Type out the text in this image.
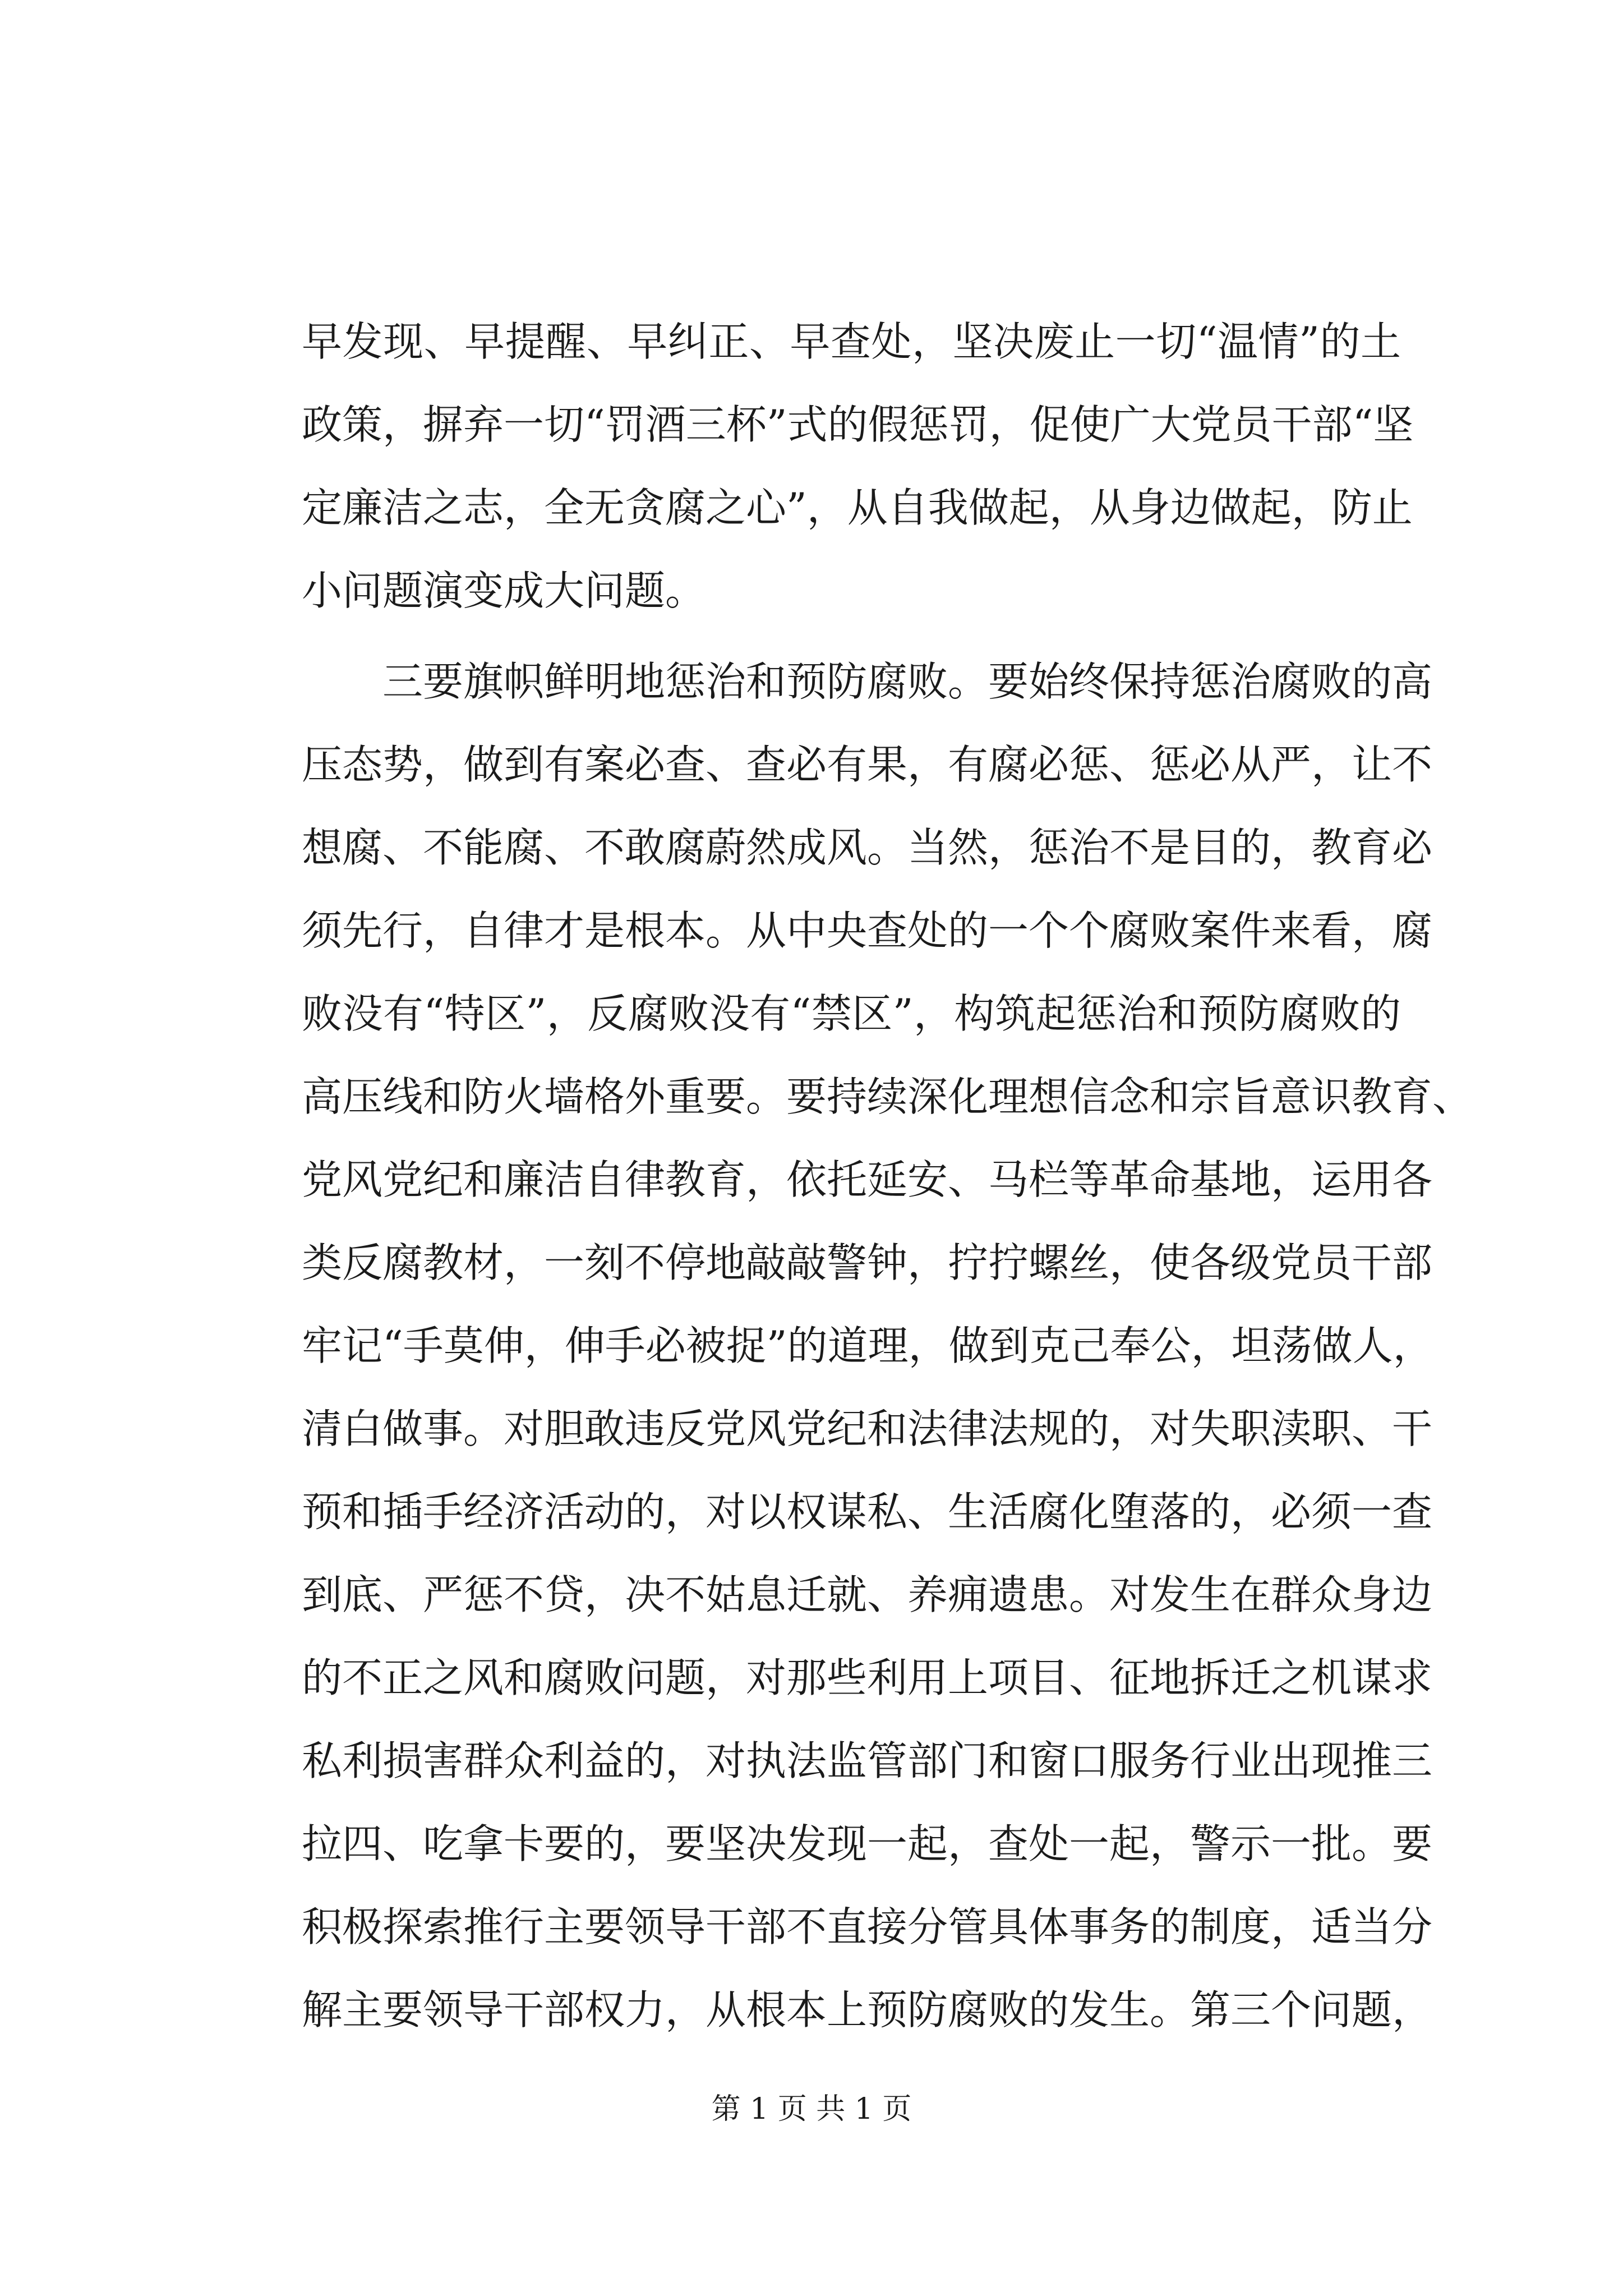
早发现、早提醒、早纠正、早查处，坚决废止一切“温情”的土
政策，摒弃一切“罚酒三杯”式的假惩罚，促使广大党员干部“坚
定廉洁之志，全无贪腐之心”，从自我做起，从身边做起，防止
小问题演变成大问题。
三要旗帜鲜明地惩治和预防腐败。要始终保持惩治腐败的高
压态势，做到有案必查、查必有果，有腐必惩、惩必从严，让不
想腐、不能腐、不敢腐蔚然成风。当然，惩治不是目的，教育必
须先行，自律才是根本。从中央查处的一个个腐败案件来看，腐
败没有“特区”，反腐败没有“禁区”，构筑起惩治和预防腐败的
高压线和防火墙格外重要。要持续深化理想信念和宗旨意识教育、
党风党纪和廉洁自律教育，依托延安、马栏等革命基地，运用各
类反腐教材，一刻不停地敲敲警钟，拧拧螺丝，使各级党员干部
牢记“手莫伸，伸手必被捉”的道理，做到克己奉公，坦荡做人，
清白做事。对胆敢违反党风党纪和法律法规的，对失职渎职、干
预和插手经济活动的，对以权谋私、生活腐化堕落的，必须一查
到底、严惩不贷，决不姑息迁就、养痈遗患。对发生在群众身边
的不正之风和腐败问题，对那些利用上项目、征地拆迁之机谋求
私利损害群众利益的，对执法监管部门和窗口服务行业出现推三
拉四、吃拿卡要的，要坚决发现一起，查处一起，警示一批。要
积极探索推行主要领导干部不直接分管具体事务的制度，适当分
解主要领导干部权力，从根本上预防腐败的发生。第三个问题，
第 1 页 共 1 页
